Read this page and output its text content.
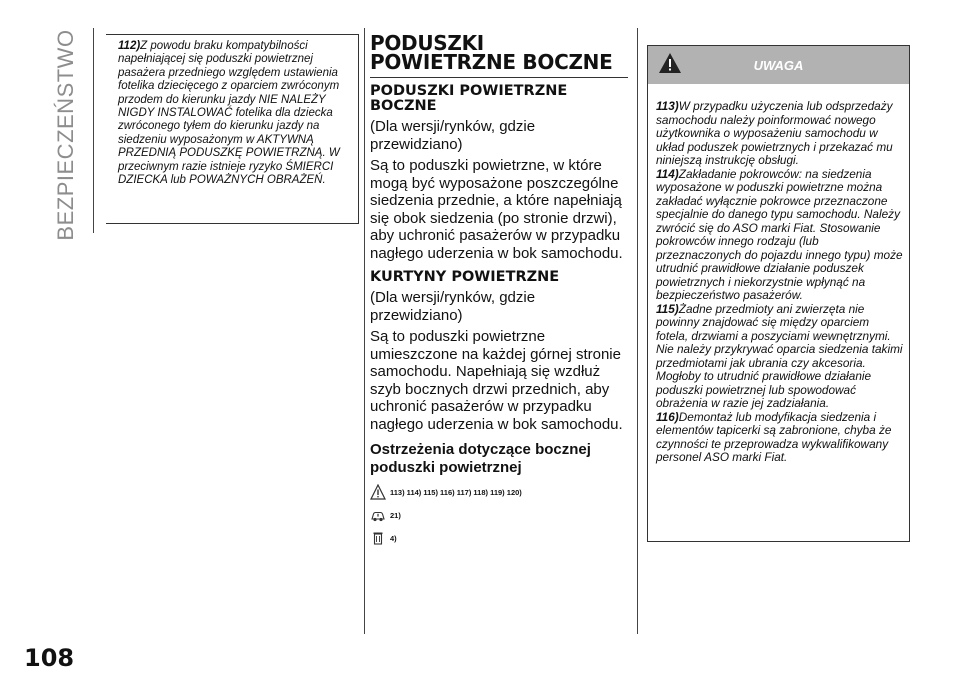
BEZPIECZEŃSTWO
108

112)Z powodu braku kompatybilności napełniającej się poduszki powietrznej pasażera przedniego względem ustawienia fotelika dziecięcego z oparciem zwróconym przodem do kierunku jazdy NIE NALEŻY NIGDY INSTALOWAĆ fotelika dla dziecka zwróconego tyłem do kierunku jazdy na siedzeniu wyposażonym w AKTYWNĄ PRZEDNIĄ PODUSZKĘ POWIETRZNĄ. W przeciwnym razie istnieje ryzyko ŚMIERCI DZIECKA lub POWAŻNYCH OBRAŻEŃ.

PODUSZKI POWIETRZNE BOCZNE
PODUSZKI POWIETRZNE BOCZNE
(Dla wersji/rynków, gdzie przewidziano)
Są to poduszki powietrzne, w które mogą być wyposażone poszczególne siedzenia przednie, a które napełniają się obok siedzenia (po stronie drzwi), aby uchronić pasażerów w przypadku nagłego uderzenia w bok samochodu.
KURTYNY POWIETRZNE
(Dla wersji/rynków, gdzie przewidziano)
Są to poduszki powietrzne umieszczone na każdej górnej stronie samochodu. Napełniają się wzdłuż szyb bocznych drzwi przednich, aby uchronić pasażerów w przypadku nagłego uderzenia w bok samochodu.
Ostrzeżenia dotyczące bocznej poduszki powietrznej
113) 114) 115) 116) 117) 118) 119) 120)
21)
4)
UWAGA

113)W przypadku użyczenia lub odsprzedaży samochodu należy poinformować nowego użytkownika o wyposażeniu samochodu w układ poduszek powietrznych i przekazać mu niniejszą instrukcję obsługi.

114)Zakładanie pokrowców: na siedzenia wyposażone w poduszki powietrzne można zakładać wyłącznie pokrowce przeznaczone specjalnie do danego typu samochodu. Należy zwrócić się do ASO marki Fiat. Stosowanie pokrowców innego rodzaju (lub przeznaczonych do pojazdu innego typu) może utrudnić prawidłowe działanie poduszek powietrznych i niekorzystnie wpłynąć na bezpieczeństwo pasażerów.

115)Żadne przedmioty ani zwierzęta nie powinny znajdować się między oparciem fotela, drzwiami a poszyciami wewnętrznymi. Nie należy przykrywać oparcia siedzenia takimi przedmiotami jak ubrania czy akcesoria. Mogłoby to utrudnić prawidłowe działanie poduszki powietrznej lub spowodować obrażenia w razie jej zadziałania.

116)Demontaż lub modyfikacja siedzenia i elementów tapicerki są zabronione, chyba że czynności te przeprowadza wykwalifikowany personel ASO marki Fiat.
